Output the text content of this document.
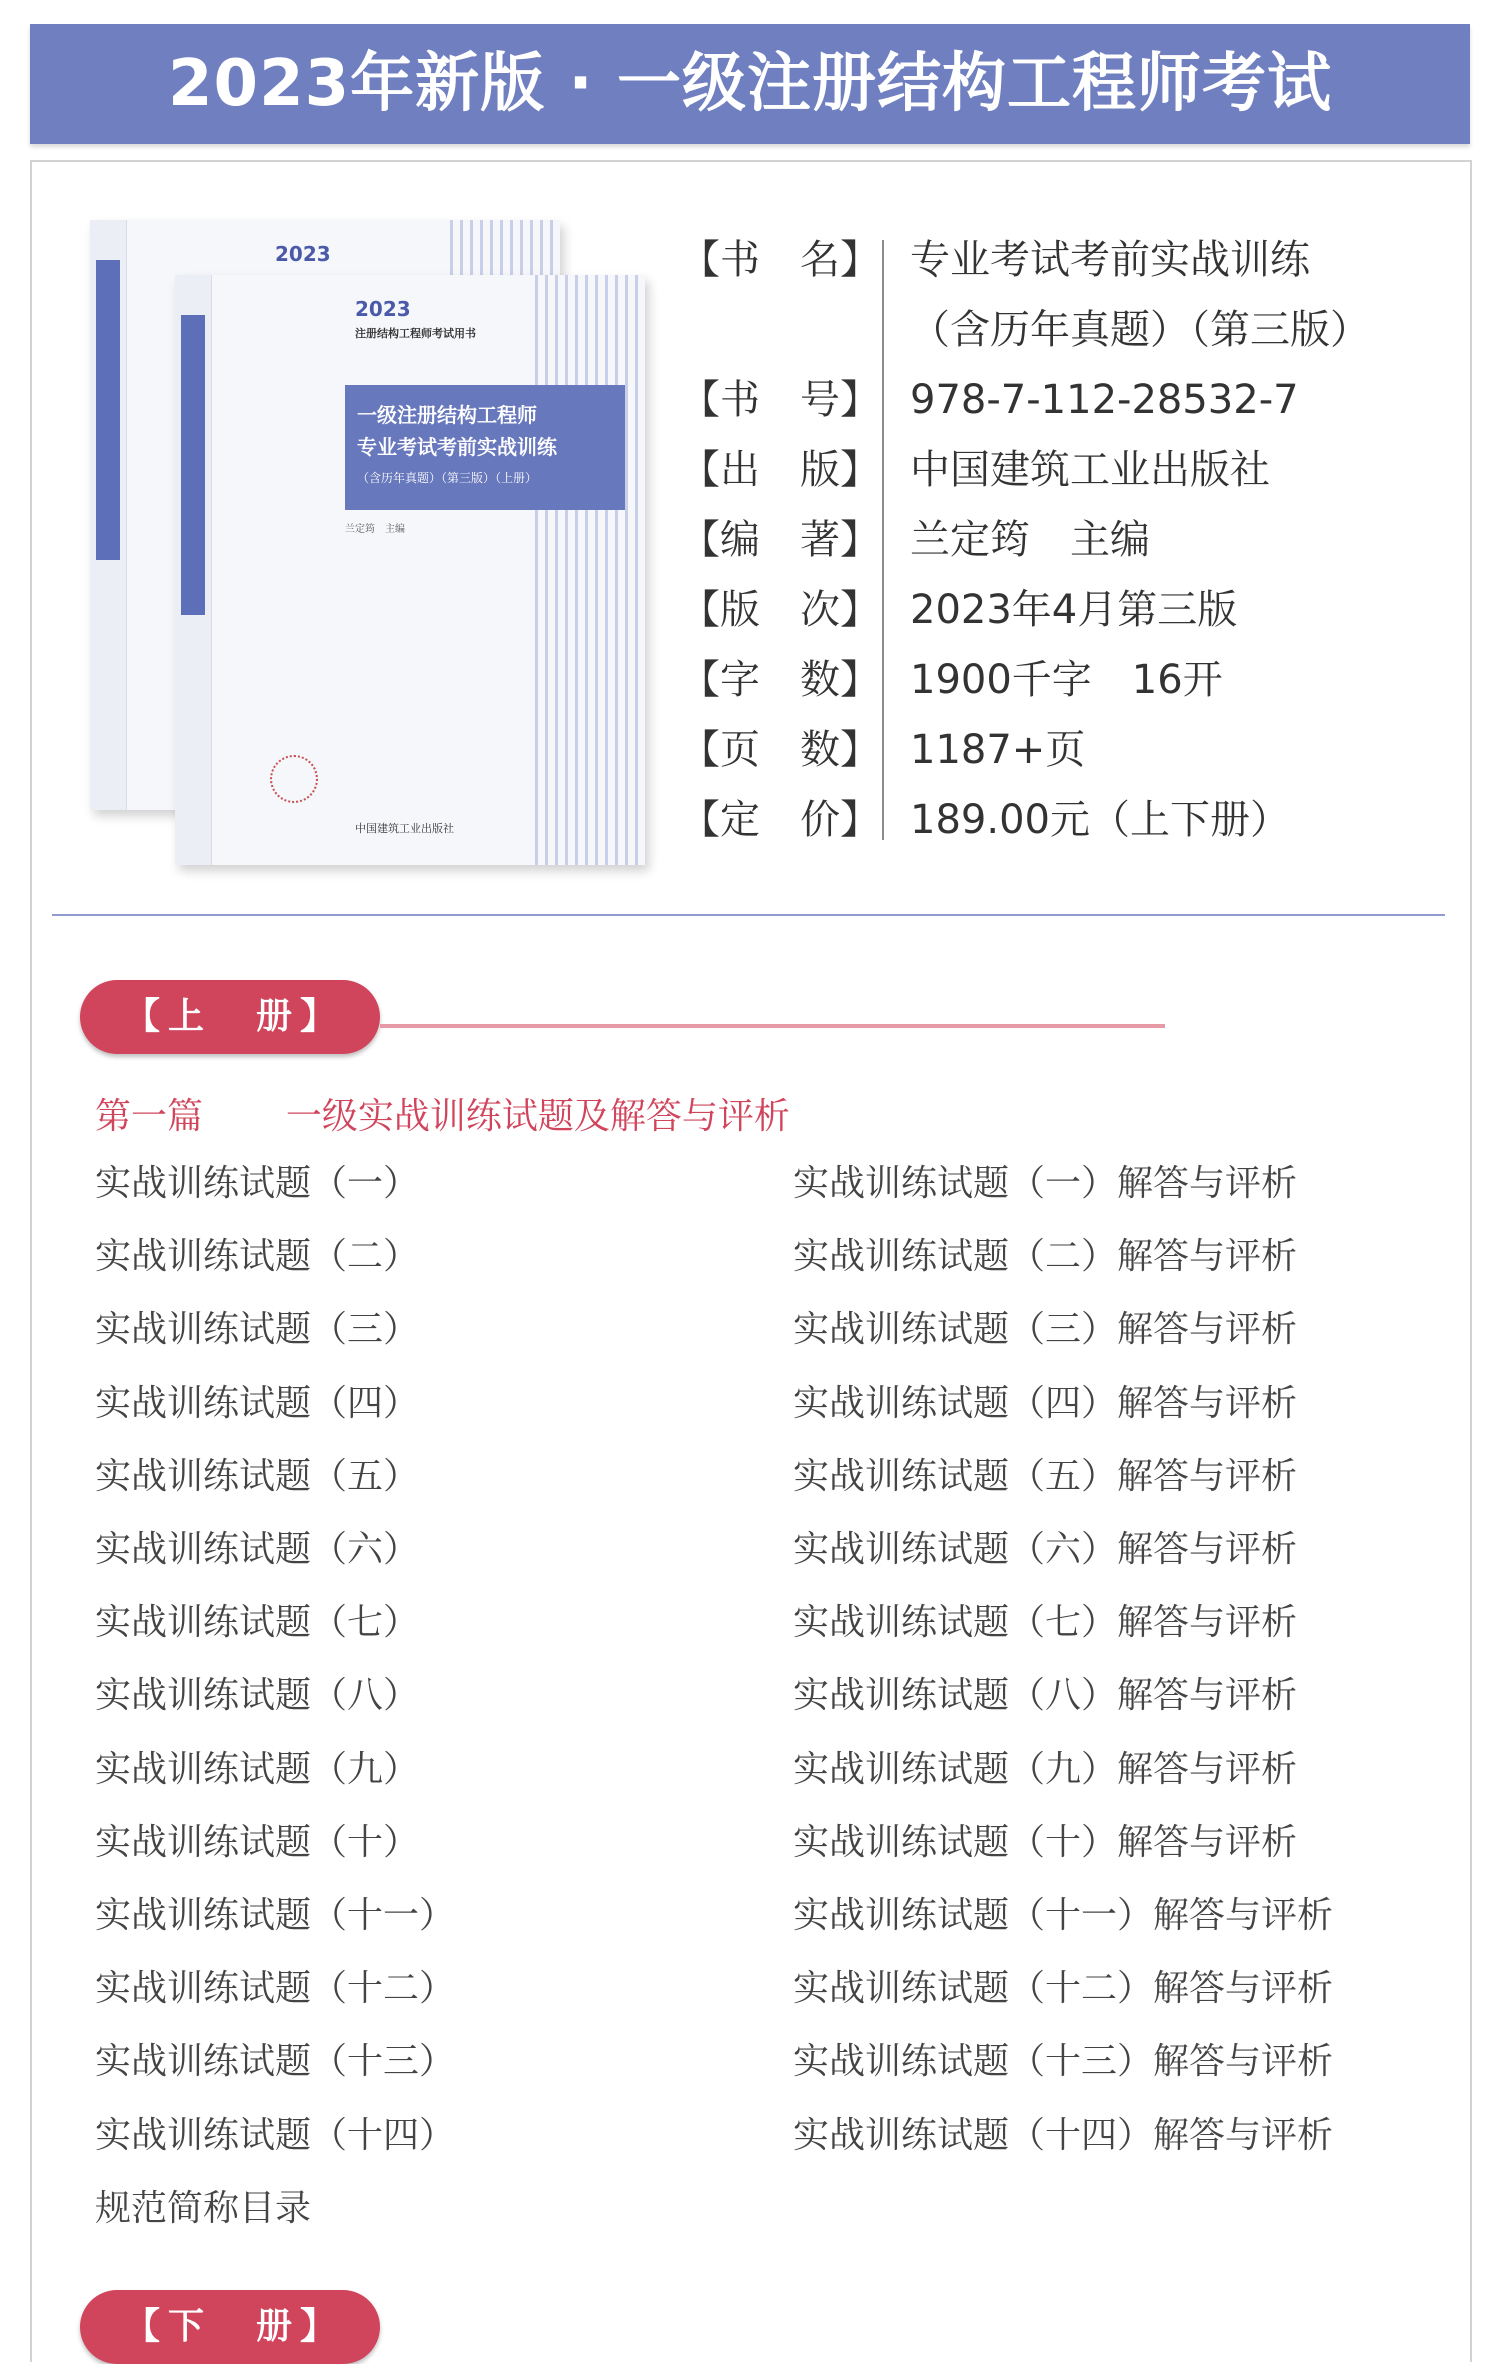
2023年新版 · 一级注册结构工程师考试
2023
2023
注册结构工程师考试用书
一级注册结构工程师
专业考试考前实战训练
（含历年真题）（第三版）（上册）
兰定筠　主编
中国建筑工业出版社
【书　名】 专业考试考前实战训练
（含历年真题）（第三版）
【书　号】 978-7-112-28532-7
【出　版】 中国建筑工业出版社
【编　著】 兰定筠　主编
【版　次】 2023年4月第三版
【字　数】 1900千字　16开
【页　数】 1187+页
【定　价】 189.00元（上下册）
【上　册】
第一篇 一级实战训练试题及解答与评析
实战训练试题（一）
实战训练试题（二）
实战训练试题（三）
实战训练试题（四）
实战训练试题（五）
实战训练试题（六）
实战训练试题（七）
实战训练试题（八）
实战训练试题（九）
实战训练试题（十）
实战训练试题（十一）
实战训练试题（十二）
实战训练试题（十三）
实战训练试题（十四）
规范简称目录
实战训练试题（一）解答与评析
实战训练试题（二）解答与评析
实战训练试题（三）解答与评析
实战训练试题（四）解答与评析
实战训练试题（五）解答与评析
实战训练试题（六）解答与评析
实战训练试题（七）解答与评析
实战训练试题（八）解答与评析
实战训练试题（九）解答与评析
实战训练试题（十）解答与评析
实战训练试题（十一）解答与评析
实战训练试题（十二）解答与评析
实战训练试题（十三）解答与评析
实战训练试题（十四）解答与评析
【下　册】
